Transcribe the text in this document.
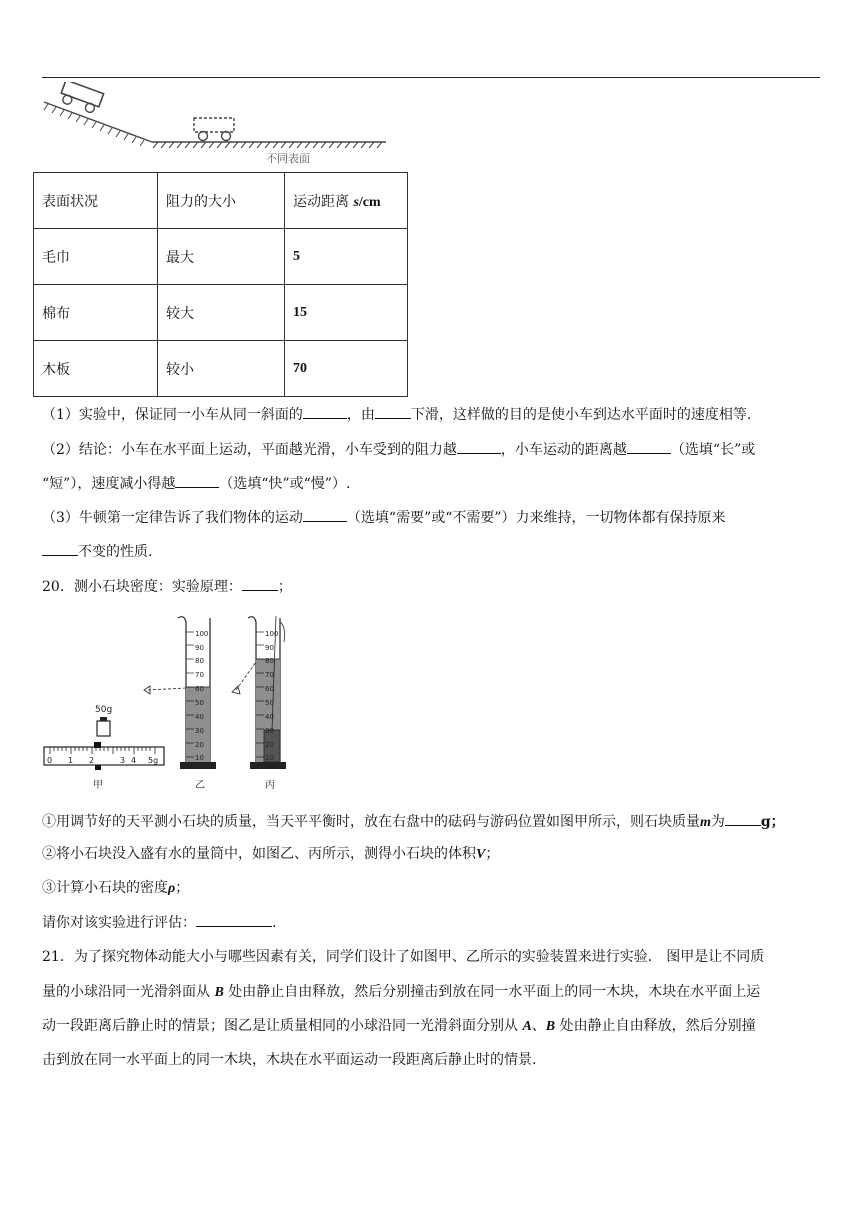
不同表面
表面状况	阻力的大小	运动距离 s/cm
毛巾	最大	5
棉布	较大	15
木板	较小	70
（1）实验中，保证同一小车从同一斜面的	，由	下滑，这样做的目的是使小车到达水平面时的速度相等.
（2）结论：小车在水平面上运动，平面越光滑，小车受到的阻力越	，小车运动的距离越	（选填“长”或
“短”），速度减小得越	（选填“快”或“慢”）.
（3）牛顿第一定律告诉了我们物体的运动	（选填“需要”或“不需要”）力来维持，一切物体都有保持原来
不变的性质.
20．测小石块密度：实验原理：	；
50g
0 1 2	3 4 5g
甲
100
90
80
70
60
50
40
30
20
10
乙
100
90
80
70
60
50
40
30
20
10
丙
①用调节好的天平测小石块的质量，当天平平衡时，放在右盘中的砝码与游码位置如图甲所示，则石块质量m为	g；
②将小石块没入盛有水的量筒中，如图乙、丙所示，测得小石块的体积V；
③计算小石块的密度ρ；
请你对该实验进行评估：	.
21．为了探究物体动能大小与哪些因素有关，同学们设计了如图甲、乙所示的实验装置来进行实验． 图甲是让不同质
量的小球沿同一光滑斜面从 B 处由静止自由释放，然后分别撞击到放在同一水平面上的同一木块，木块在水平面上运
动一段距离后静止时的情景；图乙是让质量相同的小球沿同一光滑斜面分别从 A、B 处由静止自由释放，然后分别撞
击到放在同一水平面上的同一木块，木块在水平面运动一段距离后静止时的情景.
